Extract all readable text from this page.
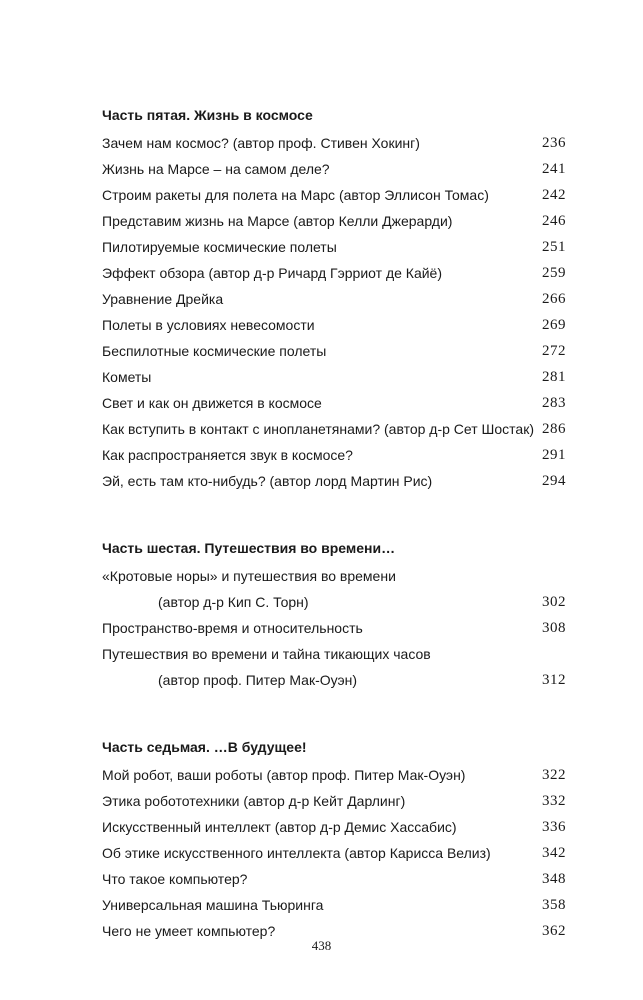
Часть пятая. Жизнь в космосе
Зачем нам космос? (автор проф. Стивен Хокинг)	236
Жизнь на Марсе – на самом деле?	241
Строим ракеты для полета на Марс (автор Эллисон Томас)	242
Представим жизнь на Марсе (автор Келли Джерарди)	246
Пилотируемые космические полеты	251
Эффект обзора (автор д-р Ричард Гэрриот де Кайё)	259
Уравнение Дрейка	266
Полеты в условиях невесомости	269
Беспилотные космические полеты	272
Кометы	281
Свет и как он движется в космосе	283
Как вступить в контакт с инопланетянами? (автор д-р Сет Шостак) 286
Как распространяется звук в космосе?	291
Эй, есть там кто-нибудь? (автор лорд Мартин Рис)	294
Часть шестая. Путешествия во времени…
«Кротовые норы» и путешествия во времени
(автор д-р Кип С. Торн)	302
Пространство-время и относительность	308
Путешествия во времени и тайна тикающих часов
(автор проф. Питер Мак-Оуэн)	312
Часть седьмая. …В будущее!
Мой робот, ваши роботы (автор проф. Питер Мак-Оуэн)	322
Этика робототехники (автор д-р Кейт Дарлинг)	332
Искусственный интеллект (автор д-р Демис Хассабис)	336
Об этике искусственного интеллекта (автор Карисса Велиз)	342
Что такое компьютер?	348
Универсальная машина Тьюринга	358
Чего не умеет компьютер?	362
438
